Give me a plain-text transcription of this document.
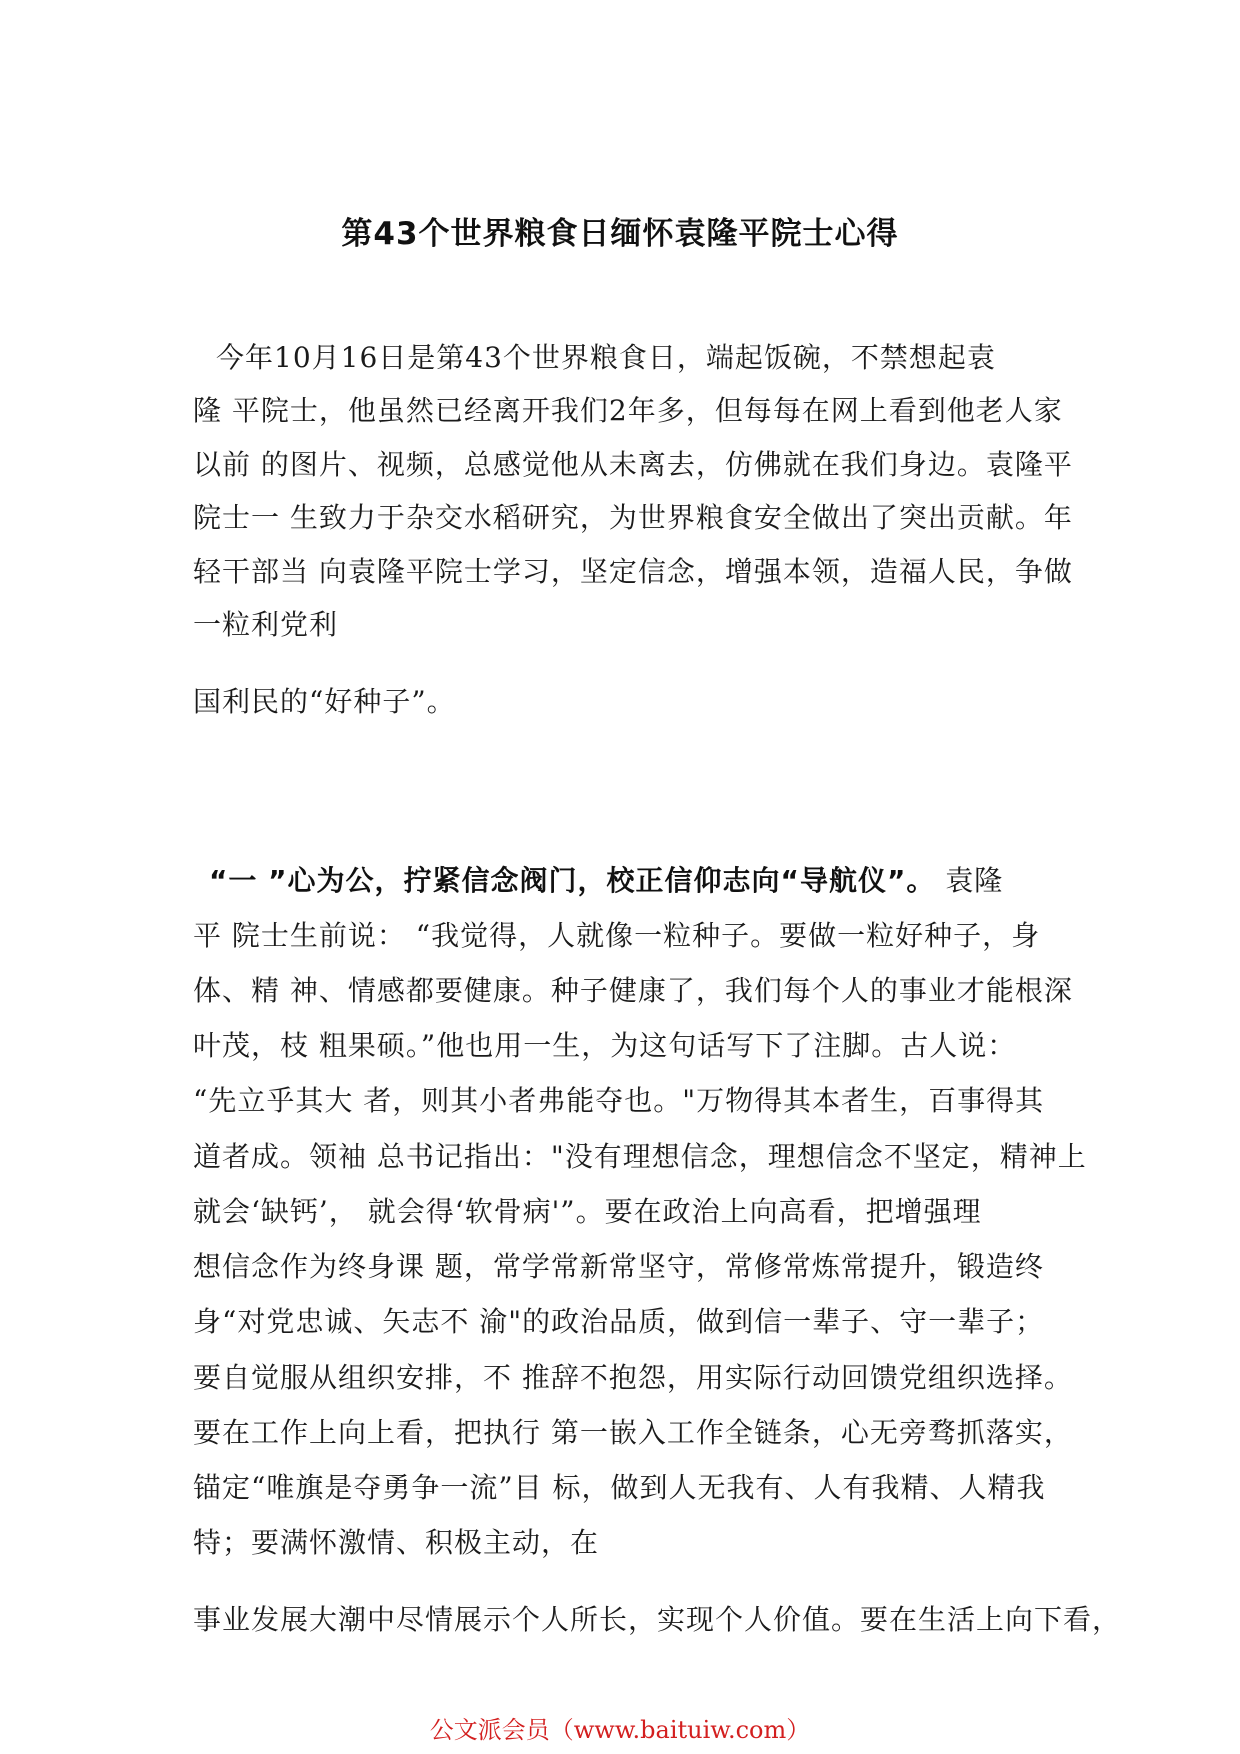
第43个世界粮食日缅怀袁隆平院士心得
今年10月16日是第43个世界粮食日，端起饭碗，不禁想起袁
隆 平院士，他虽然已经离开我们2年多，但每每在网上看到他老人家
以前 的图片、视频，总感觉他从未离去，仿佛就在我们身边。袁隆平
院士一 生致力于杂交水稻研究，为世界粮食安全做出了突出贡献。年
轻干部当 向袁隆平院士学习，坚定信念，增强本领，造福人民，争做
一粒利党利
国利民的“好种子”。
“一 ”心为公，拧紧信念阀门，校正信仰志向“导航仪”。 袁隆
平 院士生前说： “我觉得，人就像一粒种子。要做一粒好种子，身
体、精 神、情感都要健康。种子健康了，我们每个人的事业才能根深
叶茂，枝 粗果硕。”他也用一生，为这句话写下了注脚。古人说：
“先立乎其大 者，则其小者弗能夺也。"万物得其本者生，百事得其
道者成。领袖 总书记指出："没有理想信念，理想信念不坚定，精神上
就会‘缺钙’， 就会得‘软骨病'”。要在政治上向高看，把增强理
想信念作为终身课 题，常学常新常坚守，常修常炼常提升，锻造终
身“对党忠诚、矢志不 渝"的政治品质，做到信一辈子、守一辈子；
要自觉服从组织安排，不 推辞不抱怨，用实际行动回馈党组织选择。
要在工作上向上看，把执行 第一嵌入工作全链条，心无旁骛抓落实，
锚定“唯旗是夺勇争一流”目 标，做到人无我有、人有我精、人精我
特；要满怀激情、积极主动，在
事业发展大潮中尽情展示个人所长，实现个人价值。要在生活上向下看，
公文派会员（www.baituiw.com）
